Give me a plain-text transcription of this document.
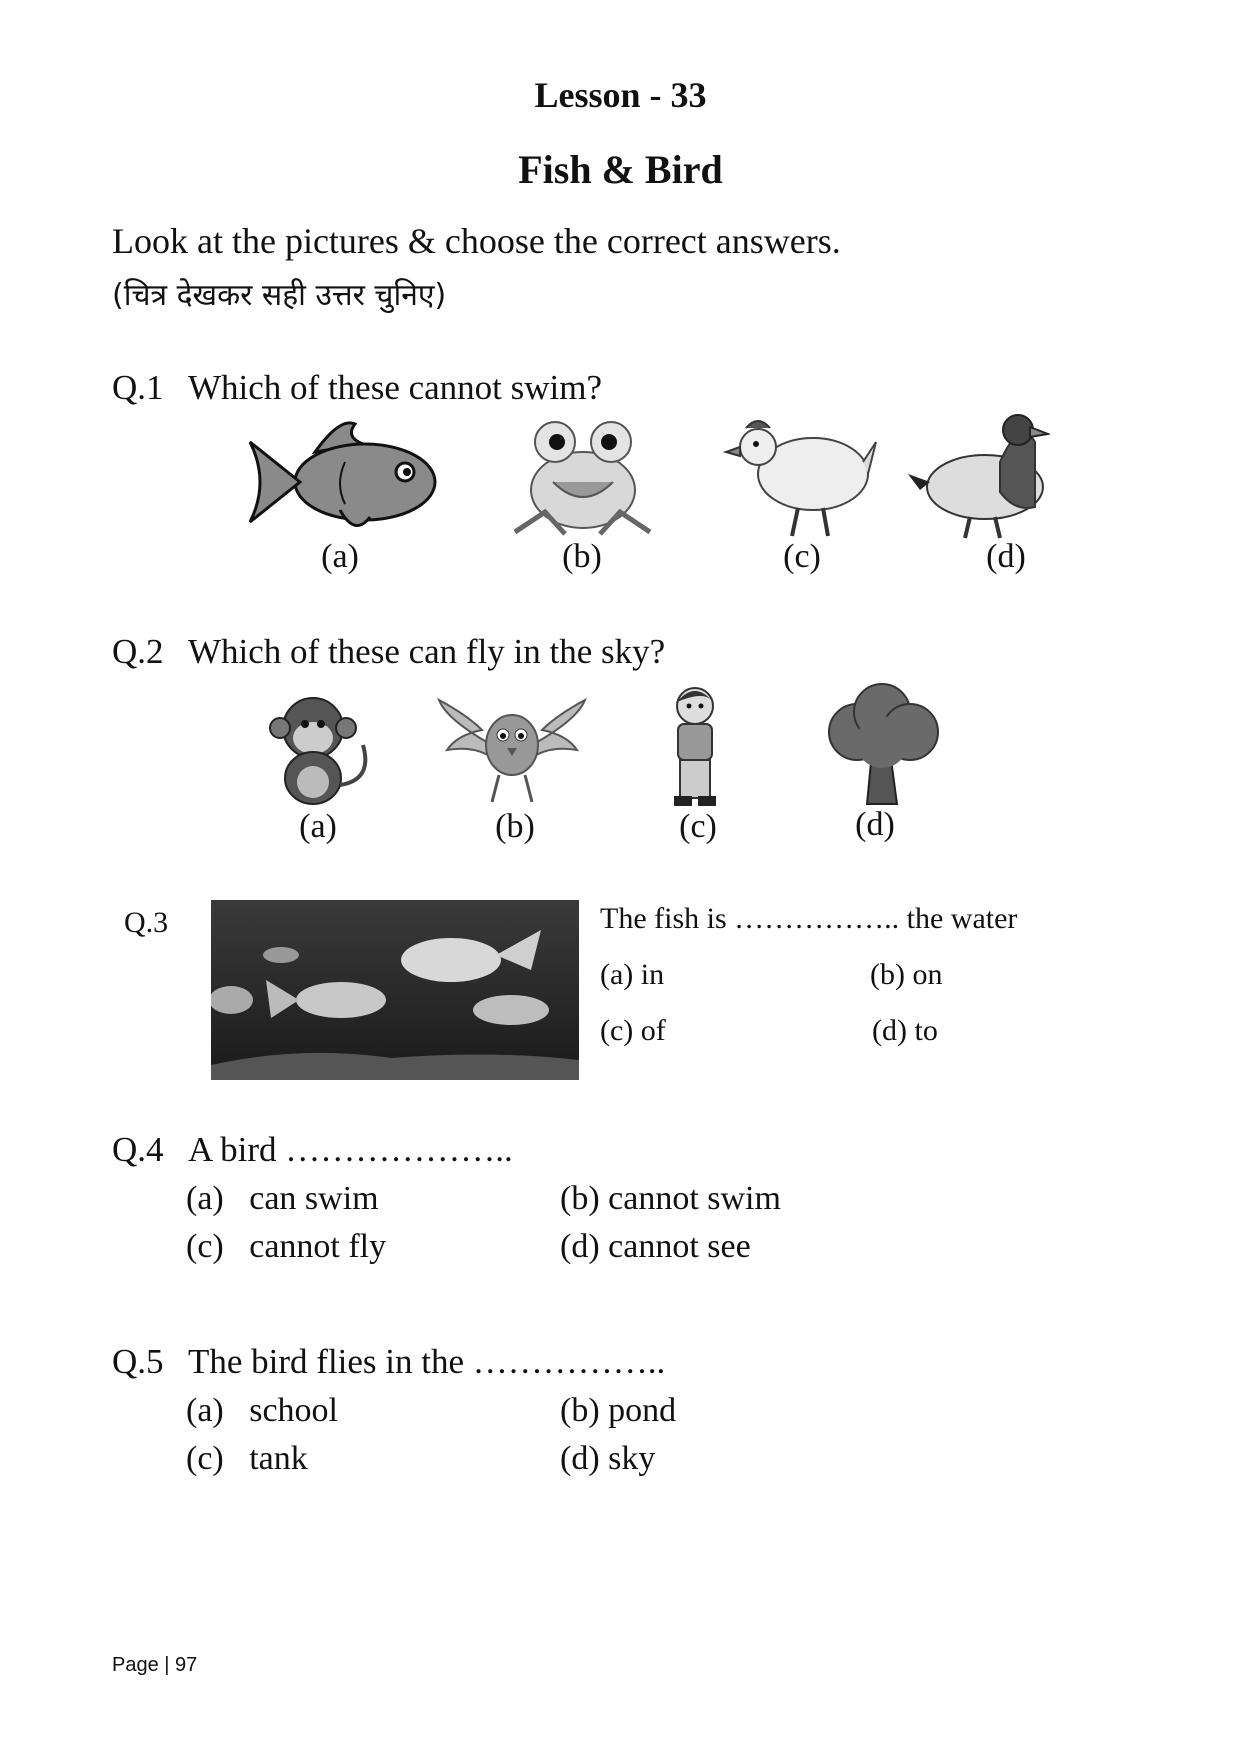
Lesson - 33
Fish & Bird
Look at the pictures & choose the correct answers.
(चित्र देखकर सही उत्तर चुनिए)
Q.1 Which of these cannot swim?
(a)	(b)	(c)	(d)
Q.2 Which of these can fly in the sky?
(a)	(b)	(c)	(d)
Q.3	The fish is …………….. the water
(a) in	(b) on
(c) of	(d) to
Q.4 A bird ………………..
(a)   can swim	(b) cannot swim
(c)   cannot fly	(d) cannot see
Q.5 The bird flies in the ……………..
(a)   school	(b) pond
(c)   tank	(d) sky
Page | 97
